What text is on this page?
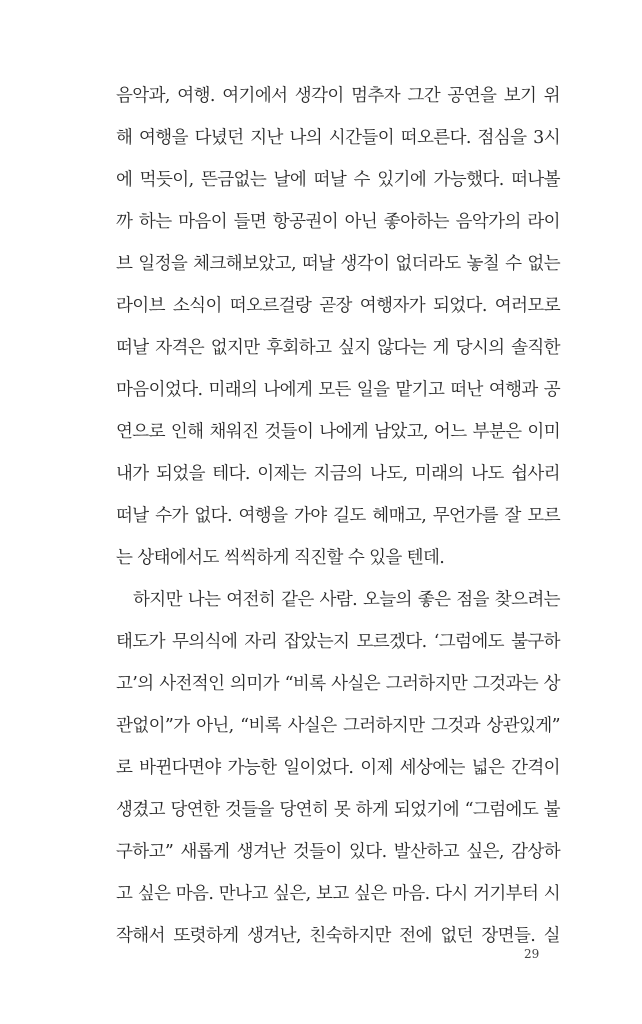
음악과, 여행. 여기에서 생각이 멈추자 그간 공연을 보기 위
해 여행을 다녔던 지난 나의 시간들이 떠오른다. 점심을 3시
에 먹듯이, 뜬금없는 날에 떠날 수 있기에 가능했다. 떠나볼
까 하는 마음이 들면 항공권이 아닌 좋아하는 음악가의 라이
브 일정을 체크해보았고, 떠날 생각이 없더라도 놓칠 수 없는
라이브 소식이 떠오르걸랑 곧장 여행자가 되었다. 여러모로
떠날 자격은 없지만 후회하고 싶지 않다는 게 당시의 솔직한
마음이었다. 미래의 나에게 모든 일을 맡기고 떠난 여행과 공
연으로 인해 채워진 것들이 나에게 남았고, 어느 부분은 이미
내가 되었을 테다. 이제는 지금의 나도, 미래의 나도 쉽사리
떠날 수가 없다. 여행을 가야 길도 헤매고, 무언가를 잘 모르
는 상태에서도 씩씩하게 직진할 수 있을 텐데.
하지만 나는 여전히 같은 사람. 오늘의 좋은 점을 찾으려는
태도가 무의식에 자리 잡았는지 모르겠다. ‘그럼에도 불구하
고’의 사전적인 의미가 “비록 사실은 그러하지만 그것과는 상
관없이”가 아닌, “비록 사실은 그러하지만 그것과 상관있게”
로 바뀐다면야 가능한 일이었다. 이제 세상에는 넓은 간격이
생겼고 당연한 것들을 당연히 못 하게 되었기에 “그럼에도 불
구하고” 새롭게 생겨난 것들이 있다. 발산하고 싶은, 감상하
고 싶은 마음. 만나고 싶은, 보고 싶은 마음. 다시 거기부터 시
작해서 또렷하게 생겨난, 친숙하지만 전에 없던 장면들. 실
29
